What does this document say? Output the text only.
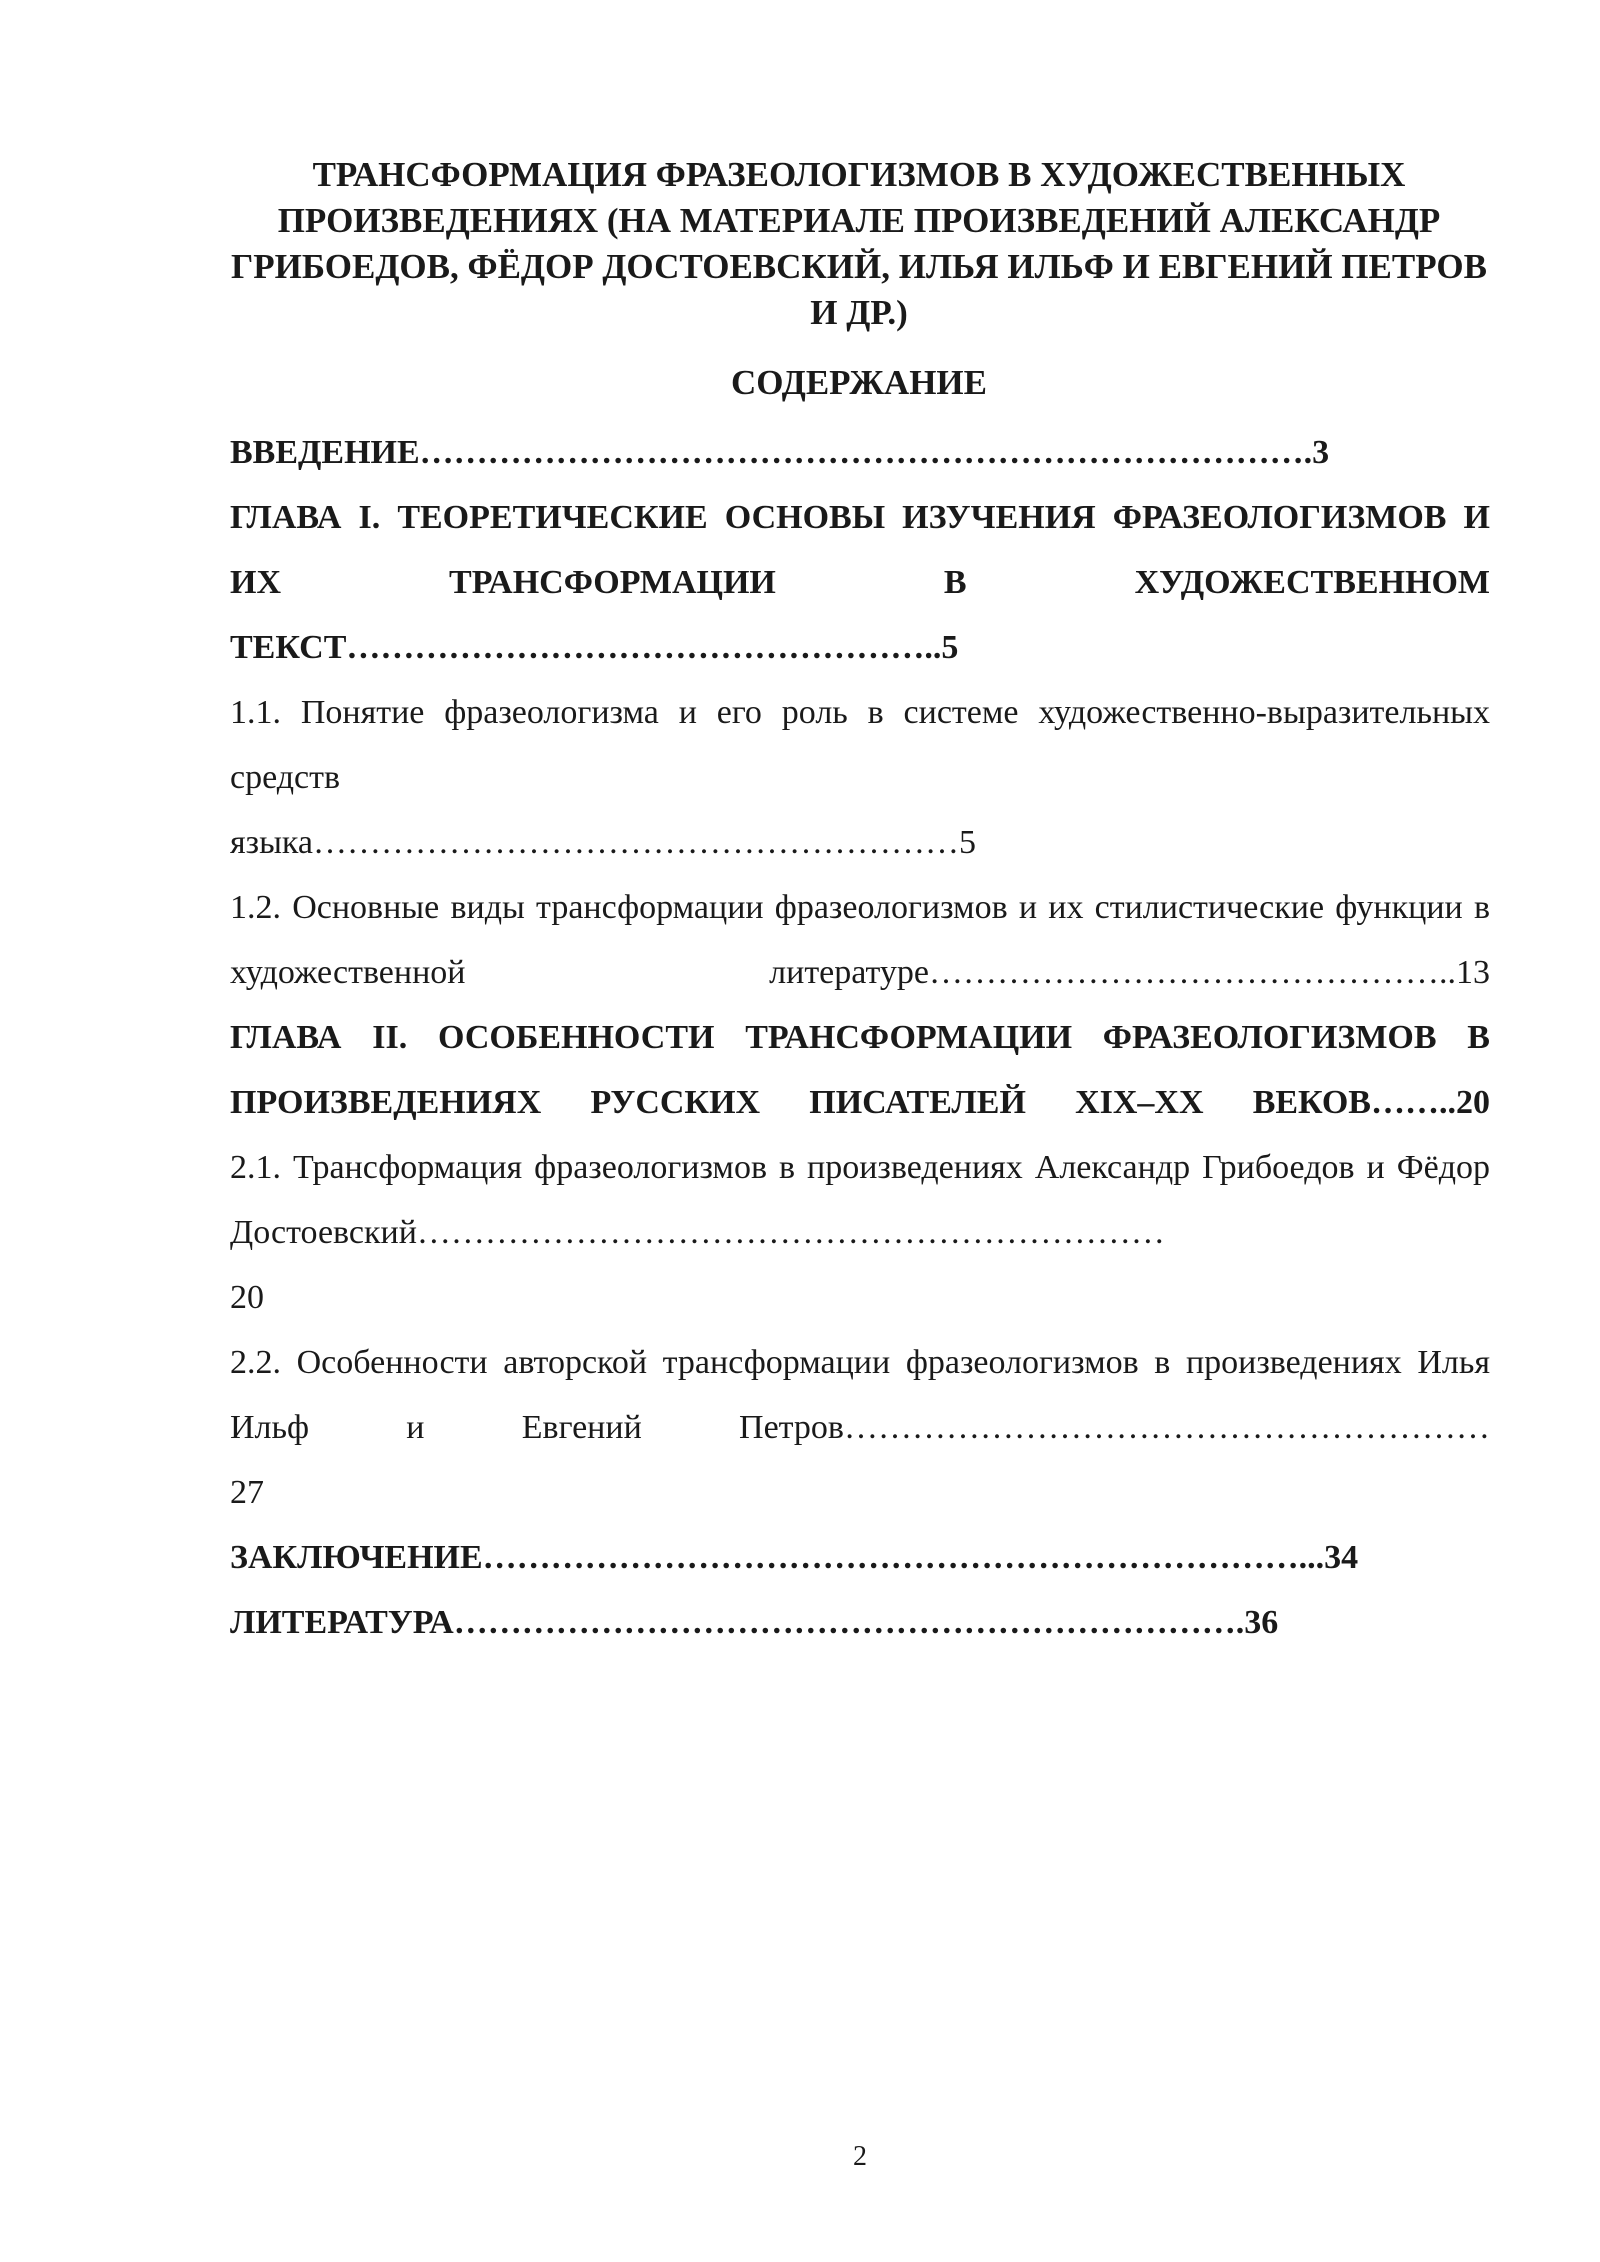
ТРАНСФОРМАЦИЯ ФРАЗЕОЛОГИЗМОВ В ХУДОЖЕСТВЕННЫХ ПРОИЗВЕДЕНИЯХ (НА МАТЕРИАЛЕ ПРОИЗВЕДЕНИЙ АЛЕКСАНДР ГРИБОЕДОВ, ФЁДОР ДОСТОЕВСКИЙ, ИЛЬЯ ИЛЬФ И ЕВГЕНИЙ ПЕТРОВ И ДР.)
СОДЕРЖАНИЕ

ВВЕДЕНИЕ…………………………………………………………………….3

ГЛАВА I. ТЕОРЕТИЧЕСКИЕ ОСНОВЫ ИЗУЧЕНИЯ ФРАЗЕОЛОГИЗМОВ И ИХ ТРАНСФОРМАЦИИ В ХУДОЖЕСТВЕННОМ ТЕКСТ……………………………………………..5

1.1. Понятие фразеологизма и его роль в системе художественно-выразительных средств

языка…………………………………………………5

1.2. Основные виды трансформации фразеологизмов и их стилистические функции в художественной литературе………………………………………..13

ГЛАВА II. ОСОБЕННОСТИ ТРАНСФОРМАЦИИ ФРАЗЕОЛОГИЗМОВ В ПРОИЗВЕДЕНИЯХ РУССКИХ ПИСАТЕЛЕЙ XIX–XX ВЕКОВ……..20

2.1. Трансформация фразеологизмов в произведениях Александр Грибоедов и Фёдор Достоевский…………………………………………………………

20

2.2. Особенности авторской трансформации фразеологизмов в произведениях Илья Ильф и Евгений Петров…………………………………………………

27

ЗАКЛЮЧЕНИЕ………………………………………………………………...34

ЛИТЕРАТУРА…………………………………………………………….36

2
